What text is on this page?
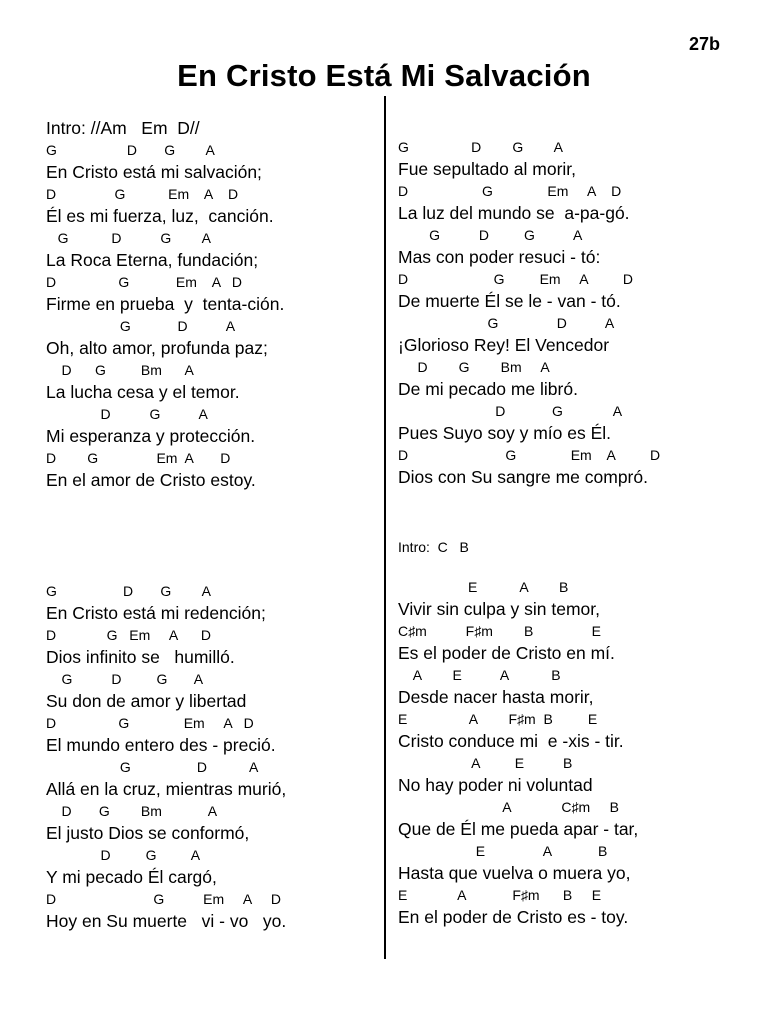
27b
En Cristo Está Mi Salvación
Intro: //Am   Em  D//
G                  D       G        A
En Cristo está mi salvación;
D               G           Em    A    D
Él es mi fuerza, luz,  canción.
G           D          G        A
La Roca Eterna, fundación;
D                G            Em    A   D
Firme en prueba  y  tenta-ción.
G            D          A
Oh, alto amor, profunda paz;
D      G         Bm      A
La lucha cesa y el temor.
D          G          A
Mi esperanza y protección.
D        G               Em  A       D
En el amor de Cristo estoy.
G                 D       G        A
En Cristo está mi redención;
D             G   Em     A      D
Dios infinito se   humilló.
G          D         G       A
Su don de amor y libertad
D                G              Em     A   D
El mundo entero des - preció.
G                 D           A
Allá en la cruz, mientras murió,
D       G        Bm            A
El justo Dios se conformó,
D         G         A
Y mi pecado Él cargó,
D                         G          Em     A     D
Hoy en Su muerte   vi - vo   yo.
G                D        G        A
Fue sepultado al morir,
D                   G              Em     A    D
La luz del mundo se  a-pa-gó.
G          D         G          A
Mas con poder resuci - tó:
D                      G         Em     A         D
De muerte Él se le - van - tó.
G               D          A
¡Glorioso Rey! El Vencedor
D        G        Bm     A
De mi pecado me libró.
D            G             A
Pues Suyo soy y mío es Él.
D                         G              Em    A         D
Dios con Su sangre me compró.
Intro:  C   B
E           A        B
Vivir sin culpa y sin temor,
C♯m          F♯m        B               E
Es el poder de Cristo en mí.
A        E          A           B
Desde nacer hasta morir,
E                A        F♯m  B         E
Cristo conduce mi  e -xis - tir.
A         E          B
No hay poder ni voluntad
A             C♯m     B
Que de Él me pueda apar - tar,
E               A            B
Hasta que vuelva o muera yo,
E             A            F♯m      B     E
En el poder de Cristo es - toy.
